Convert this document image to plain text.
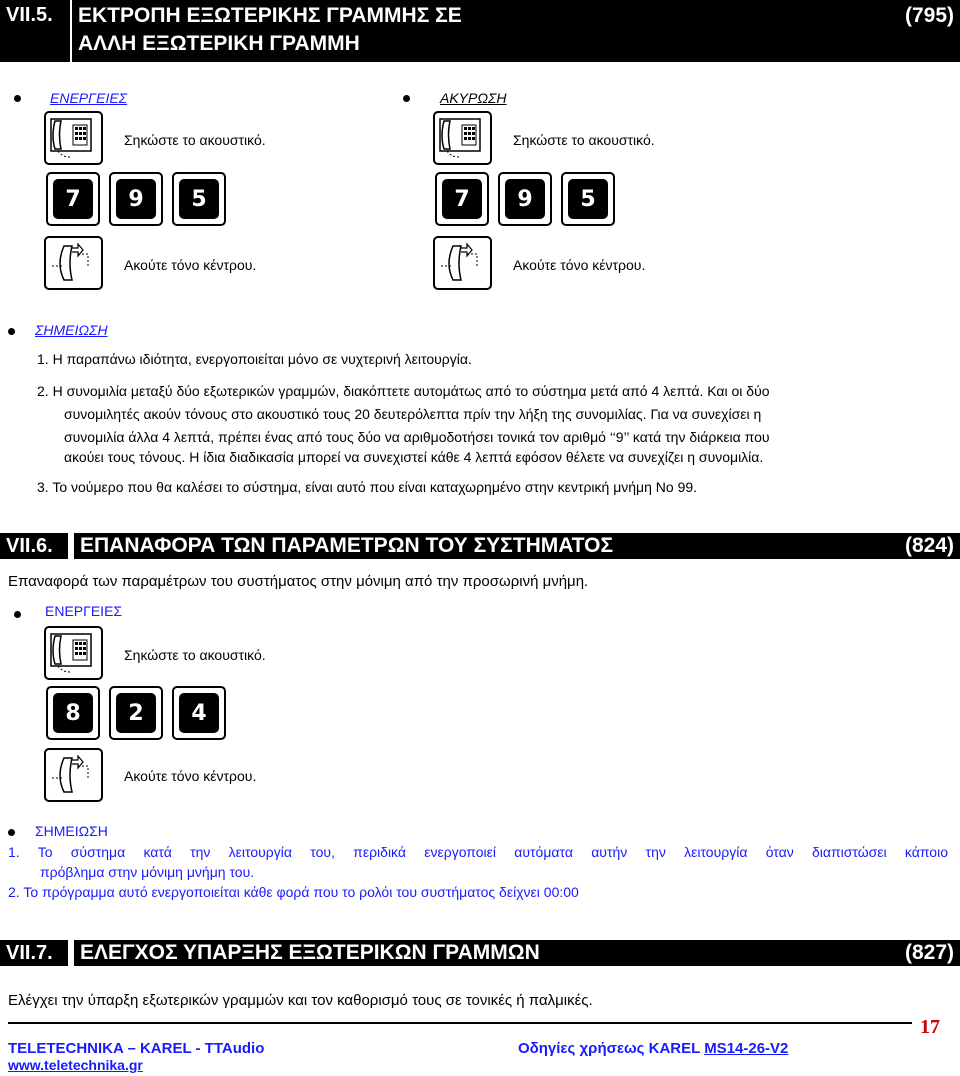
VII.5.	ΕΚΤΡΟΠΗ ΕΞΩΤΕΡΙΚΗΣ ΓΡΑΜΜΗΣ ΣΕ
ΑΛΛΗ ΕΞΩΤΕΡΙΚΗ ΓΡΑΜΜΗ
(795)
ΕΝΕΡΓΕΙΕΣ
Σηκώστε το ακουστικό.
7	9	5
Ακούτε τόνο κέντρου.
ΑΚΥΡΩΣΗ
Σηκώστε το ακουστικό.
7	9	5
Ακούτε τόνο κέντρου.
ΣΗΜΕΙΩΣΗ
1. Η παραπάνω ιδιότητα, ενεργοποιείται μόνο σε νυχτερινή λειτουργία.
2. Η συνομιλία μεταξύ δύο εξωτερικών γραμμών, διακόπτετε αυτομάτως από το σύστημα μετά από 4 λεπτά. Και οι δύο
συνομιλητές ακούν τόνους στο ακουστικό τους 20 δευτερόλεπτα πρίν την λήξη της συνομιλίας. Για να συνεχίσει η
συνομιλία άλλα 4 λεπτά, πρέπει ένας από τους δύο να αριθμοδοτήσει τονικά τον αριθμό ‘‘9’’ κατά την διάρκεια που
ακούει τους τόνους. Η ίδια διαδικασία μπορεί να συνεχιστεί κάθε 4 λεπτά εφόσον θέλετε να συνεχίζει η συνομιλία.
3. Το νούμερο που θα καλέσει το σύστημα, είναι αυτό που είναι καταχωρημένο στην κεντρική μνήμη Νο 99.
VII.6.	ΕΠΑΝΑΦΟΡΑ ΤΩΝ ΠΑΡΑΜΕΤΡΩΝ ΤΟΥ ΣΥΣΤΗΜΑΤΟΣ	(824)
Επαναφορά των παραμέτρων του συστήματος στην μόνιμη από την προσωρινή μνήμη.
ΕΝΕΡΓΕΙΕΣ
Σηκώστε το ακουστικό.
8	2	4
Ακούτε τόνο κέντρου.
ΣΗΜΕΙΩΣΗ
1. Το σύστημα κατά την λειτουργία του, περιδικά ενεργοποιεί αυτόματα αυτήν την λειτουργία όταν διαπιστώσει κάποιο
πρόβλημα στην μόνιμη μνήμη του.
2. Το πρόγραμμα αυτό ενεργοποιείται κάθε φορά που το ρολόι του συστήματος δείχνει 00:00
VII.7.	ΕΛΕΓΧΟΣ ΥΠΑΡΞΗΣ ΕΞΩΤΕΡΙΚΩΝ ΓΡΑΜΜΩΝ	(827)
Ελέγχει την ύπαρξη εξωτερικών γραμμών και τον καθορισμό τους σε τονικές ή παλμικές.
17
TELETECHNIKA – KAREL - TTAudio	Οδηγίες χρήσεως KAREL MS14-26-V2
www.teletechnika.gr
